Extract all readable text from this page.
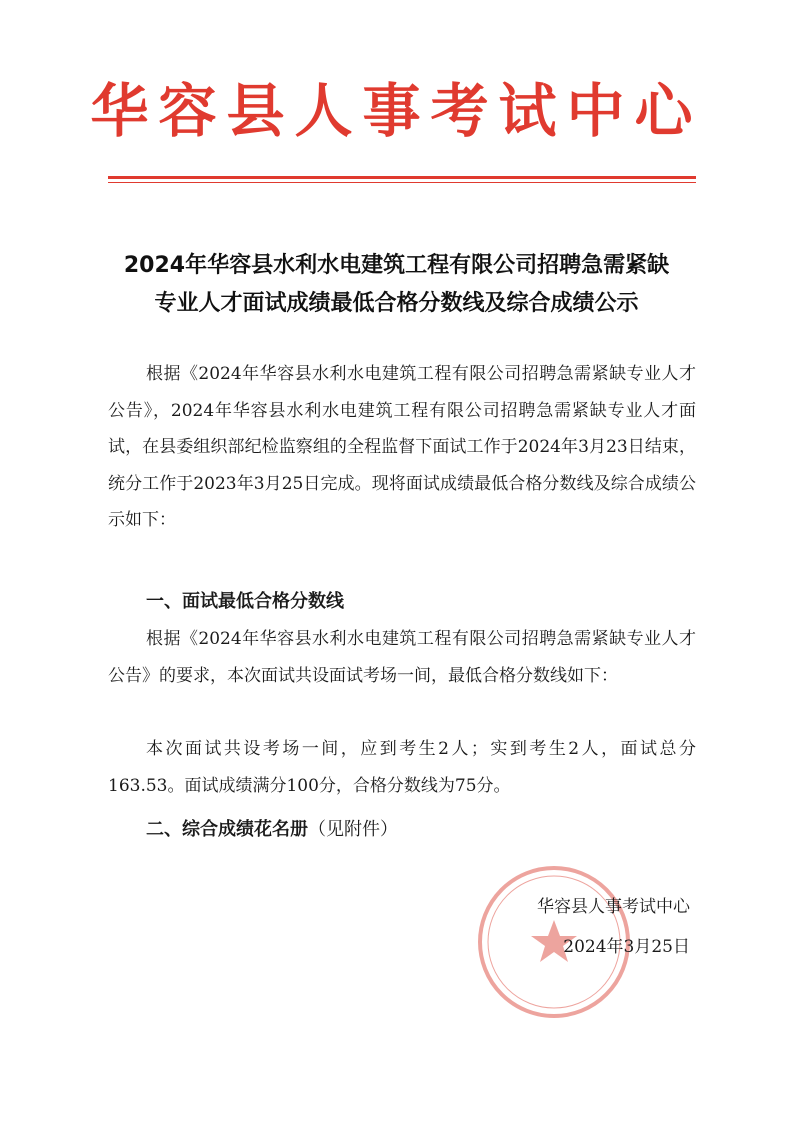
华容县人事考试中心
2024年华容县水利水电建筑工程有限公司招聘急需紧缺
专业人才面试成绩最低合格分数线及综合成绩公示

根据《2024年华容县水利水电建筑工程有限公司招聘急需紧缺专业人才公告》，2024年华容县水利水电建筑工程有限公司招聘急需紧缺专业人才面试，在县委组织部纪检监察组的全程监督下面试工作于2024年3月23日结束，统分工作于2023年3月25日完成。现将面试成绩最低合格分数线及综合成绩公示如下：

一、面试最低合格分数线

根据《2024年华容县水利水电建筑工程有限公司招聘急需紧缺专业人才公告》的要求，本次面试共设面试考场一间，最低合格分数线如下：

本次面试共设考场一间，应到考生2人；实到考生2人，面试总分163.53。面试成绩满分100分，合格分数线为75分。

二、综合成绩花名册（见附件）
华容县人事考试中心
2024年3月25日
